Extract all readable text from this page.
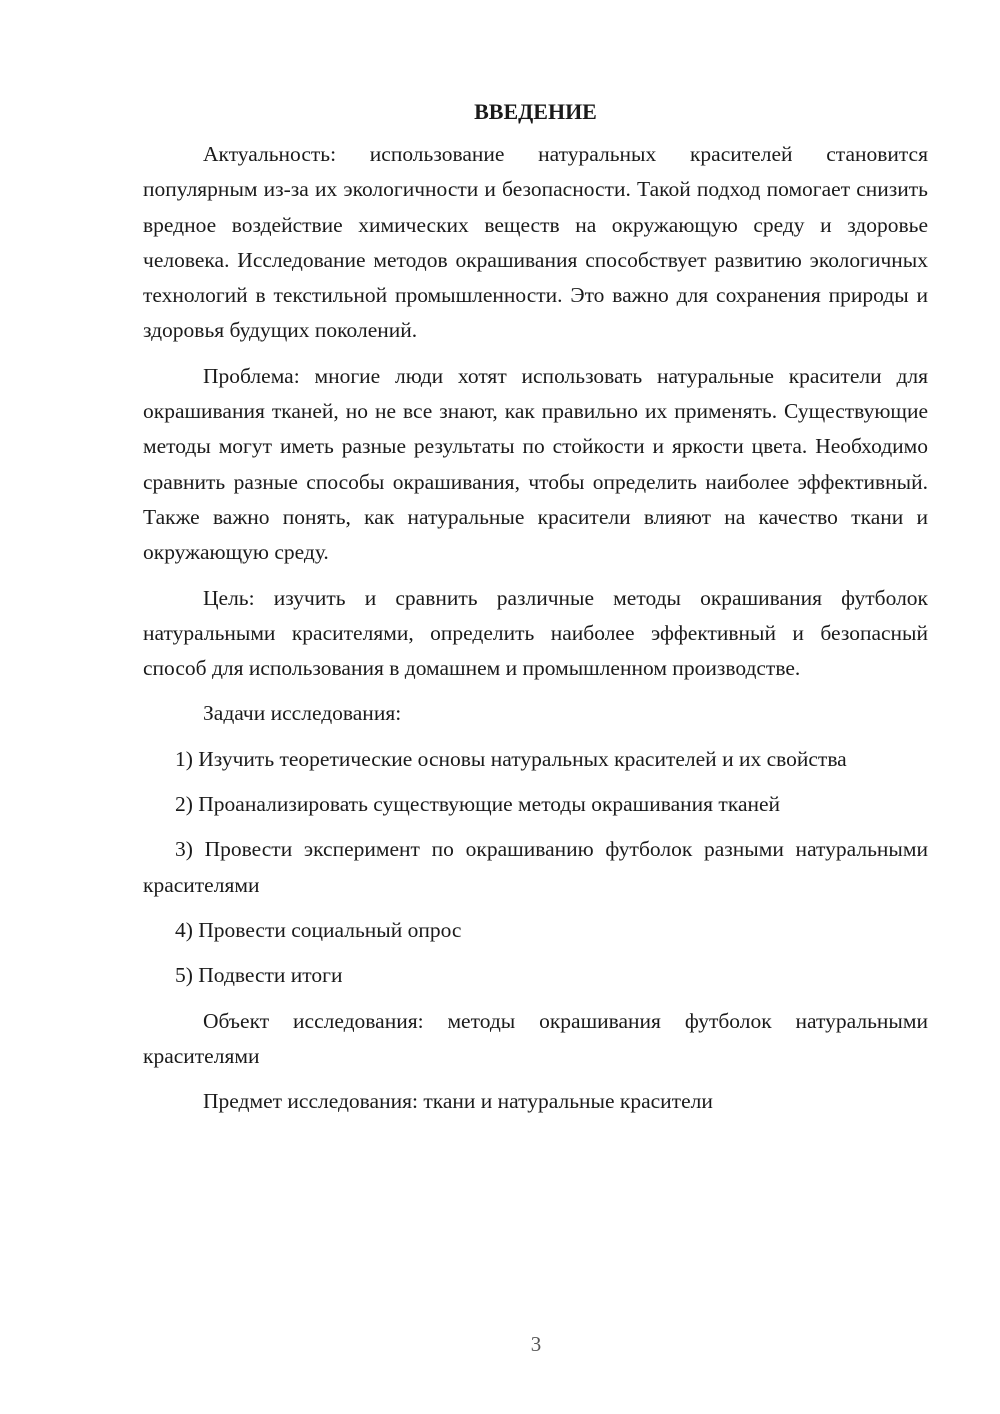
ВВЕДЕНИЕ

Актуальность: использование натуральных красителей становится популярным из-за их экологичности и безопасности. Такой подход помогает снизить вредное воздействие химических веществ на окружающую среду и здоровье человека. Исследование методов окрашивания способствует развитию экологичных технологий в текстильной промышленности. Это важно для сохранения природы и здоровья будущих поколений.

Проблема: многие люди хотят использовать натуральные красители для окрашивания тканей, но не все знают, как правильно их применять. Существующие методы могут иметь разные результаты по стойкости и яркости цвета. Необходимо сравнить разные способы окрашивания, чтобы определить наиболее эффективный. Также важно понять, как натуральные красители влияют на качество ткани и окружающую среду.

Цель: изучить и сравнить различные методы окрашивания футболок натуральными красителями, определить наиболее эффективный и безопасный способ для использования в домашнем и промышленном производстве.

Задачи исследования:

1) Изучить теоретические основы натуральных красителей и их свойства

2) Проанализировать существующие методы окрашивания тканей

3) Провести эксперимент по окрашиванию футболок разными натуральными красителями

4) Провести социальный опрос

5) Подвести итоги

Объект исследования: методы окрашивания футболок натуральными красителями

Предмет исследования: ткани и натуральные красители

3
